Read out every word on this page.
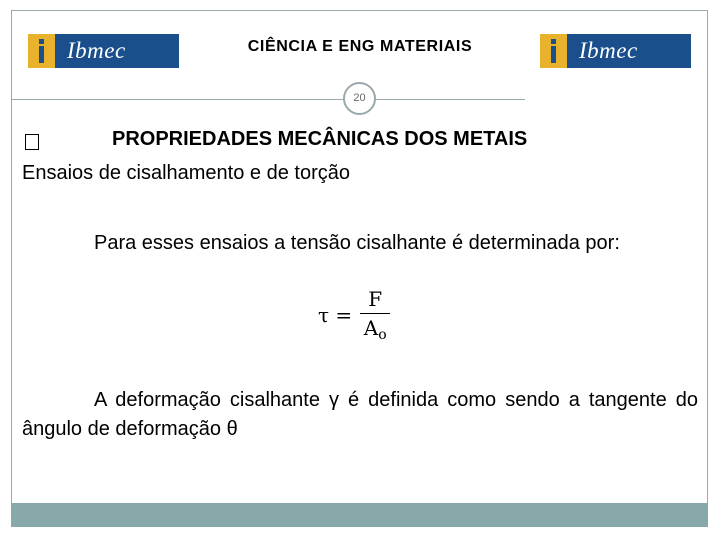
Ibmec	CIÊNCIA E ENG MATERIAIS	Ibmec
20
PROPRIEDADES MECÂNICAS DOS METAIS
Ensaios de cisalhamento e de torção
Para esses ensaios a tensão cisalhante é determinada por:
$\tau = \frac{F}{A_o}$
A deformação cisalhante γ é definida como sendo a tangente do ângulo de deformação θ
